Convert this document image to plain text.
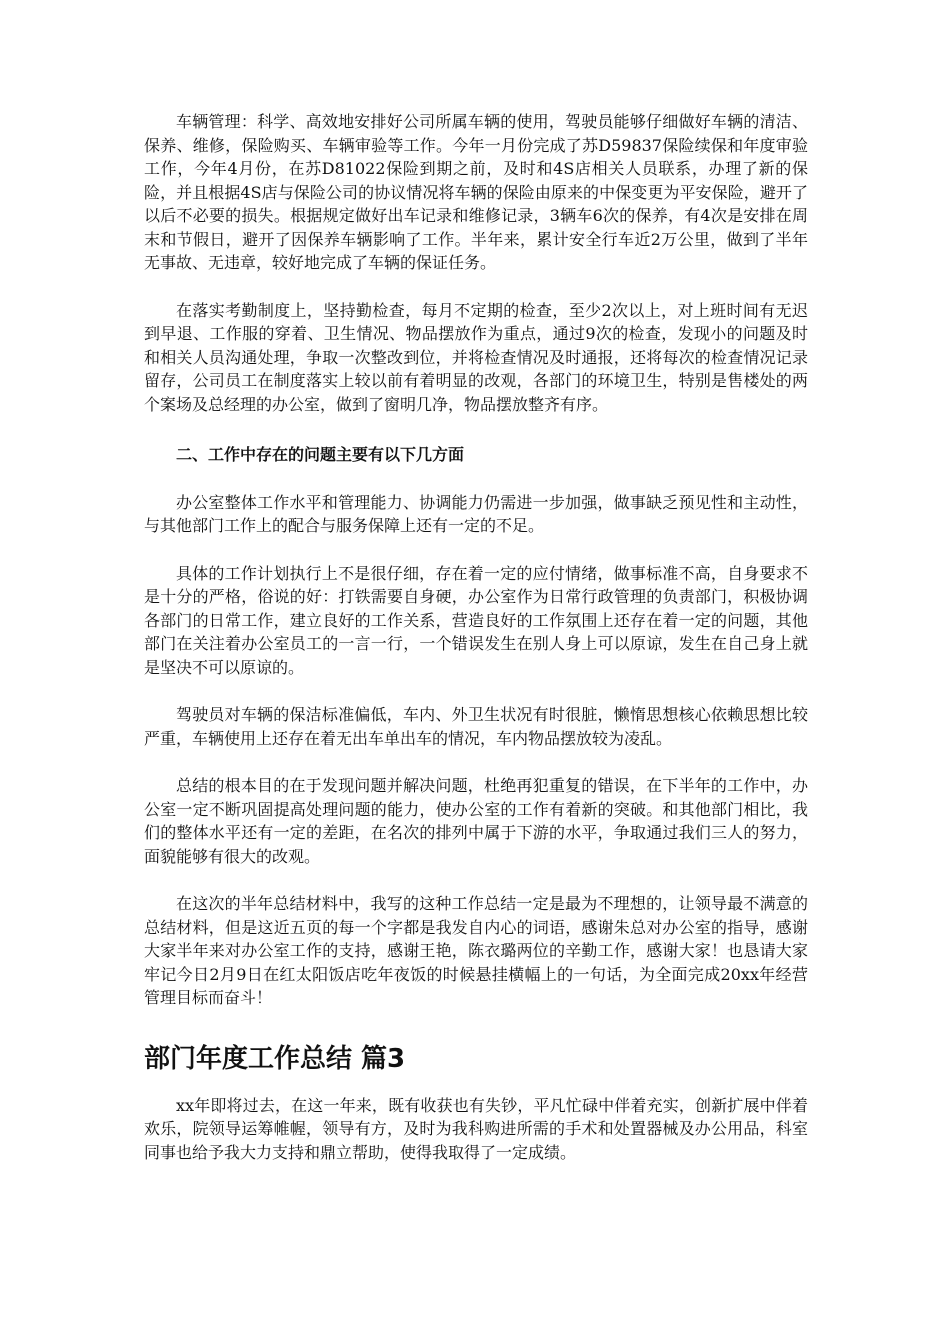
车辆管理：科学、高效地安排好公司所属车辆的使用，驾驶员能够仔细做好车辆的清洁、保养、维修，保险购买、车辆审验等工作。今年一月份完成了苏D59837保险续保和年度审验工作，今年4月份，在苏D81022保险到期之前，及时和4S店相关人员联系，办理了新的保险，并且根据4S店与保险公司的协议情况将车辆的保险由原来的中保变更为平安保险，避开了以后不必要的损失。根据规定做好出车记录和维修记录，3辆车6次的保养，有4次是安排在周末和节假日，避开了因保养车辆影响了工作。半年来，累计安全行车近2万公里，做到了半年无事故、无违章，较好地完成了车辆的保证任务。

在落实考勤制度上，坚持勤检查，每月不定期的检查，至少2次以上，对上班时间有无迟到早退、工作服的穿着、卫生情况、物品摆放作为重点，通过9次的检查，发现小的问题及时和相关人员沟通处理，争取一次整改到位，并将检查情况及时通报，还将每次的检查情况记录留存，公司员工在制度落实上较以前有着明显的改观，各部门的环境卫生，特别是售楼处的两个案场及总经理的办公室，做到了窗明几净，物品摆放整齐有序。

二、工作中存在的问题主要有以下几方面

办公室整体工作水平和管理能力、协调能力仍需进一步加强，做事缺乏预见性和主动性，与其他部门工作上的配合与服务保障上还有一定的不足。

具体的工作计划执行上不是很仔细，存在着一定的应付情绪，做事标准不高，自身要求不是十分的严格，俗说的好：打铁需要自身硬，办公室作为日常行政管理的负责部门，积极协调各部门的日常工作，建立良好的工作关系，营造良好的工作氛围上还存在着一定的问题，其他部门在关注着办公室员工的一言一行，一个错误发生在别人身上可以原谅，发生在自己身上就是坚决不可以原谅的。

驾驶员对车辆的保洁标准偏低，车内、外卫生状况有时很脏，懒惰思想核心依赖思想比较严重，车辆使用上还存在着无出车单出车的情况，车内物品摆放较为凌乱。

总结的根本目的在于发现问题并解决问题，杜绝再犯重复的错误，在下半年的工作中，办公室一定不断巩固提高处理问题的能力，使办公室的工作有着新的突破。和其他部门相比，我们的整体水平还有一定的差距，在名次的排列中属于下游的水平，争取通过我们三人的努力，面貌能够有很大的改观。

在这次的半年总结材料中，我写的这种工作总结一定是最为不理想的，让领导最不满意的总结材料，但是这近五页的每一个字都是我发自内心的词语，感谢朱总对办公室的指导，感谢大家半年来对办公室工作的支持，感谢王艳，陈衣璐两位的辛勤工作，感谢大家！也恳请大家牢记今日2月9日在红太阳饭店吃年夜饭的时候悬挂横幅上的一句话，为全面完成20xx年经营管理目标而奋斗！

部门年度工作总结 篇3

xx年即将过去，在这一年来，既有收获也有失钞，平凡忙碌中伴着充实，创新扩展中伴着欢乐，院领导运筹帷幄，领导有方，及时为我科购进所需的手术和处置器械及办公用品，科室同事也给予我大力支持和鼎立帮助，使得我取得了一定成绩。
